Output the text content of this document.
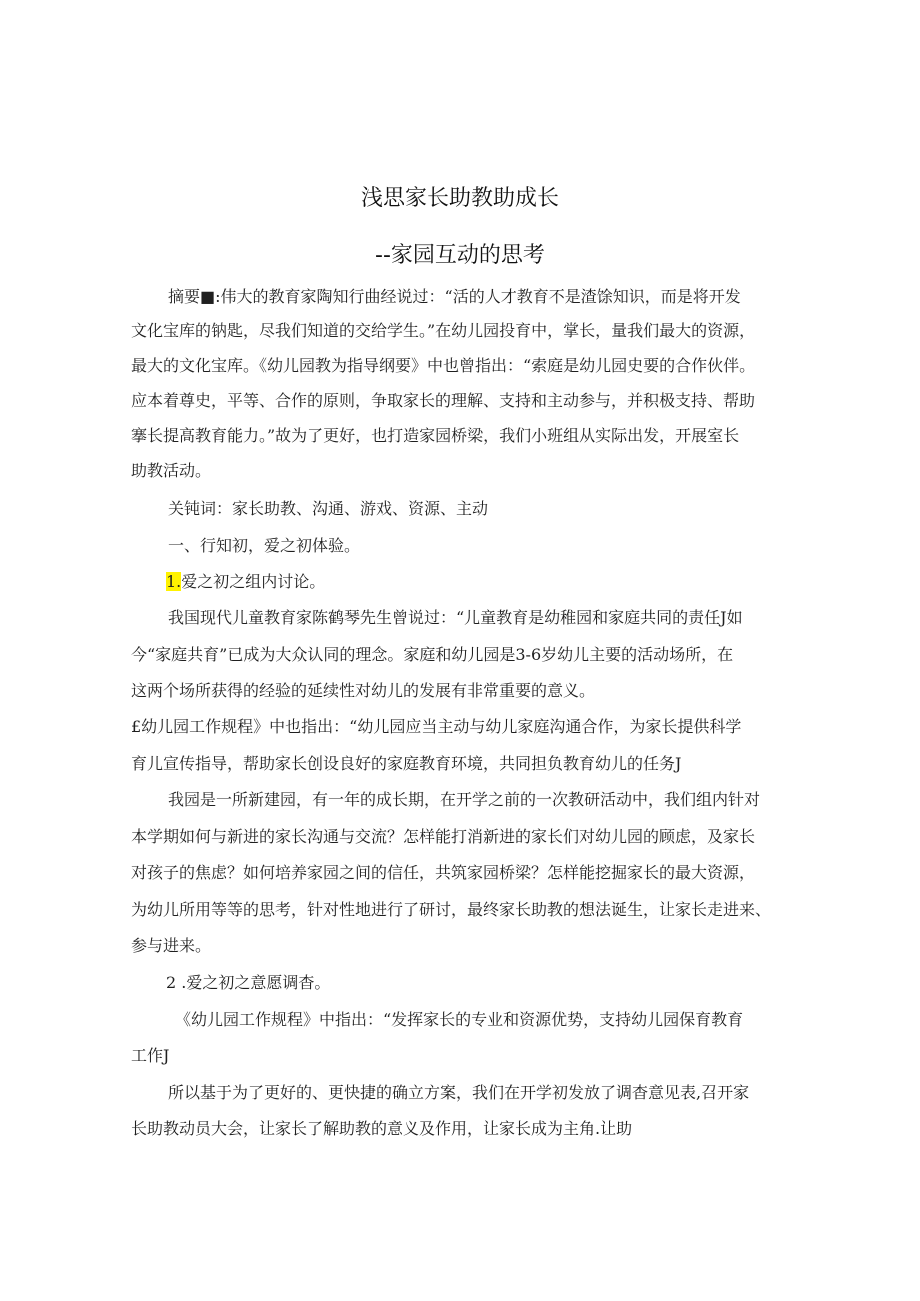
浅思家长助教助成长
--家园互动的思考
摘要■:伟大的教育家陶知行曲经说过：“活的人才教育不是渣馀知识，而是将开发
文化宝库的钠匙，尽我们知道的交给学生。”在幼儿园投育中，掌长，量我们最大的资源，
最大的文化宝库。《幼儿园教为指导纲要》中也曾指出：“索庭是幼儿园史要的合作伙伴。
应本着尊史，平等、合作的原则，争取家长的理解、支持和主动参与，并积极支持、帮助
搴长提高教育能力。”故为了更好，也打造家园桥梁，我们小班组从实际出发，开展室长
助教活动。
关钝词：家长助教、沟通、游戏、资源、主动
一、行知初，爱之初体验。
1.爱之初之组内讨论。
我国现代儿童教育家陈鹤琴先生曾说过：“儿童教育是幼稚园和家庭共同的责任J如
今“家庭共育”已成为大众认同的理念。家庭和幼儿园是3-6岁幼儿主要的活动场所，在
这两个场所获得的经验的延续性对幼儿的发展有非常重要的意义。
£幼儿园工作规程》中也指出：“幼儿园应当主动与幼儿家庭沟通合作，为家长提供科学
育儿宣传指导，帮助家长创设良好的家庭教育环境，共同担负教育幼儿的任务J
我园是一所新建园，有一年的成长期，在开学之前的一次教研活动中，我们组内针对
本学期如何与新进的家长沟通与交流？怎样能打消新进的家长们对幼儿园的顾虑，及家长
对孩子的焦虑？如何培养家园之间的信任，共筑家园桥梁？怎样能挖掘家长的最大资源，
为幼儿所用等等的思考，针对性地进行了研讨，最终家长助教的想法诞生，让家长走进来、
参与进来。
2 .爱之初之意愿调杳。
《幼儿园工作规程》中指出：“发挥家长的专业和资源优势，支持幼儿园保育教育
工作J
所以基于为了更好的、更快捷的确立方案，我们在开学初发放了调杳意见表,召开家
长助教动员大会，让家长了解助教的意义及作用，让家长成为主角.让助
